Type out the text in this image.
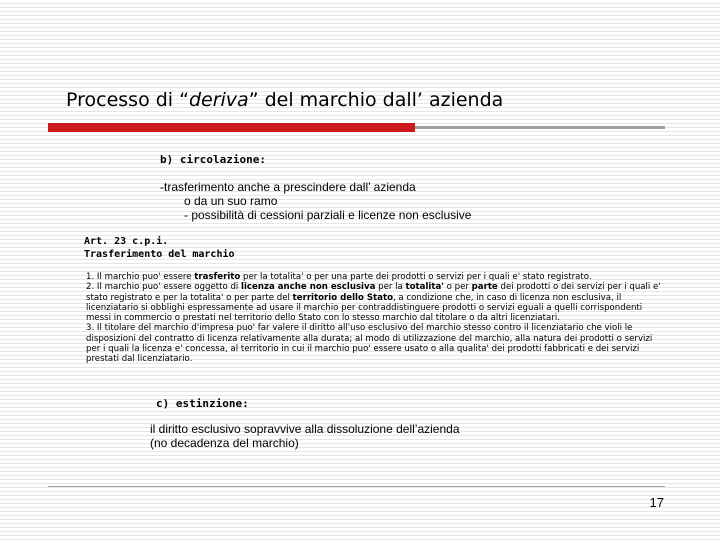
Processo di “deriva” del marchio dall’ azienda
b) circolazione:
-trasferimento anche a prescindere dall’ azienda
o da un suo ramo
- possibilità di cessioni parziali e licenze non esclusive
Art. 23 c.p.i.
Trasferimento del marchio

1. Il marchio puo' essere trasferito per la totalita' o per una parte dei prodotti o servizi per i quali e' stato registrato.

2. Il marchio puo' essere oggetto di licenza anche non esclusiva per la totalita' o per parte dei prodotti o dei servizi per i quali e' stato registrato e per la totalita' o per parte del territorio dello Stato, a condizione che, in caso di licenza non esclusiva, il licenziatario si obblighi espressamente ad usare il marchio per contraddistinguere prodotti o servizi eguali a quelli corrispondenti messi in commercio o prestati nel territorio dello Stato con lo stesso marchio dal titolare o da altri licenziatari.

3. Il titolare del marchio d'impresa puo' far valere il diritto all'uso esclusivo del marchio stesso contro il licenziatario che violi le disposizioni del contratto di licenza relativamente alla durata; al modo di utilizzazione del marchio, alla natura dei prodotti o servizi per i quali la licenza e' concessa, al territorio in cui il marchio puo' essere usato o alla qualita' dei prodotti fabbricati e dei servizi prestati dal licenziatario.

c) estinzione:
il diritto esclusivo sopravvive alla dissoluzione dell’azienda
(no decadenza del marchio)
17
